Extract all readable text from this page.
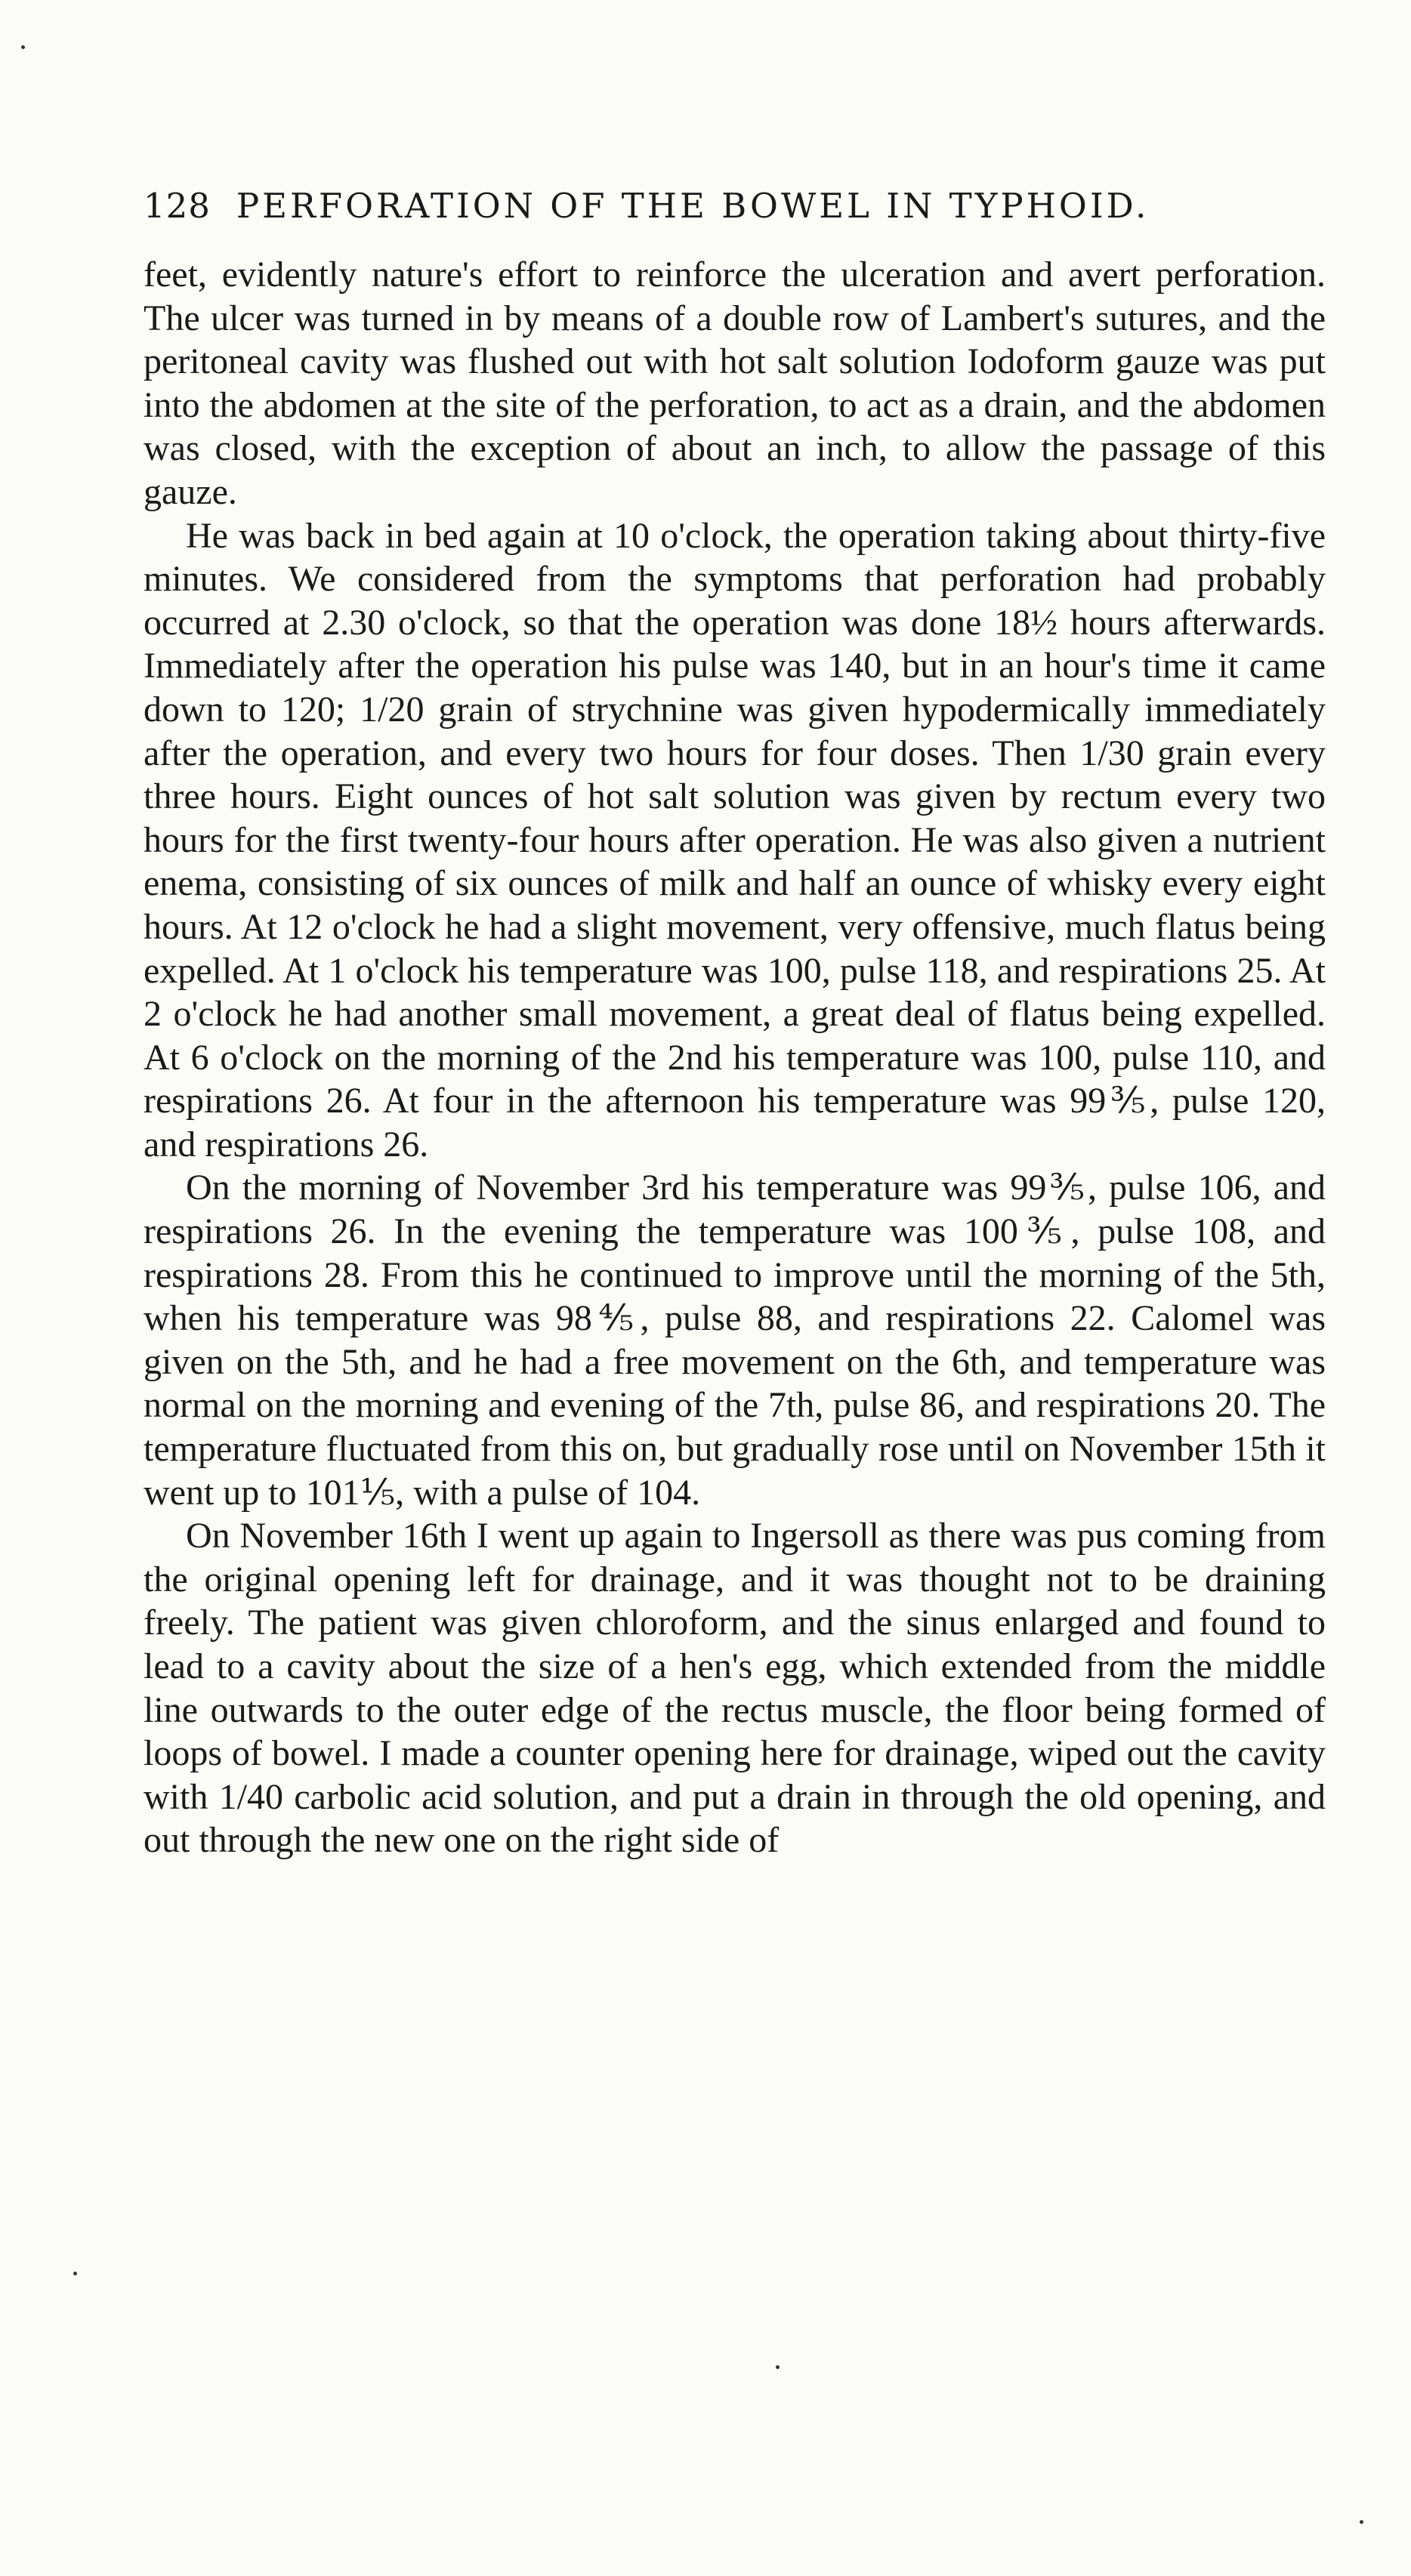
128 PERFORATION OF THE BOWEL IN TYPHOID.

feet, evidently nature's effort to reinforce the ulceration and avert perforation. The ulcer was turned in by means of a double row of Lambert's sutures, and the peritoneal cavity was flushed out with hot salt solution Iodoform gauze was put into the abdomen at the site of the perforation, to act as a drain, and the abdomen was closed, with the exception of about an inch, to allow the passage of this gauze.

He was back in bed again at 10 o'clock, the operation taking about thirty-five minutes. We considered from the symptoms that perforation had probably occurred at 2.30 o'clock, so that the operation was done 18½ hours afterwards. Immediately after the operation his pulse was 140, but in an hour's time it came down to 120; 1/20 grain of strychnine was given hypodermically immediately after the operation, and every two hours for four doses. Then 1/30 grain every three hours. Eight ounces of hot salt solution was given by rectum every two hours for the first twenty-four hours after operation. He was also given a nutrient enema, consisting of six ounces of milk and half an ounce of whisky every eight hours. At 12 o'clock he had a slight movement, very offensive, much flatus being expelled. At 1 o'clock his temperature was 100, pulse 118, and respirations 25. At 2 o'clock he had another small movement, a great deal of flatus being expelled. At 6 o'clock on the morning of the 2nd his temperature was 100, pulse 110, and respirations 26. At four in the afternoon his temperature was 99⅗, pulse 120, and respirations 26.

On the morning of November 3rd his temperature was 99⅗, pulse 106, and respirations 26. In the evening the temperature was 100⅗, pulse 108, and respirations 28. From this he continued to improve until the morning of the 5th, when his temperature was 98⅘, pulse 88, and respirations 22. Calomel was given on the 5th, and he had a free movement on the 6th, and temperature was normal on the morning and evening of the 7th, pulse 86, and respirations 20. The temperature fluctuated from this on, but gradually rose until on November 15th it went up to 101⅕, with a pulse of 104.

On November 16th I went up again to Ingersoll as there was pus coming from the original opening left for drainage, and it was thought not to be draining freely. The patient was given chloroform, and the sinus enlarged and found to lead to a cavity about the size of a hen's egg, which extended from the middle line outwards to the outer edge of the rectus muscle, the floor being formed of loops of bowel. I made a counter opening here for drainage, wiped out the cavity with 1/40 carbolic acid solution, and put a drain in through the old opening, and out through the new one on the right side of
